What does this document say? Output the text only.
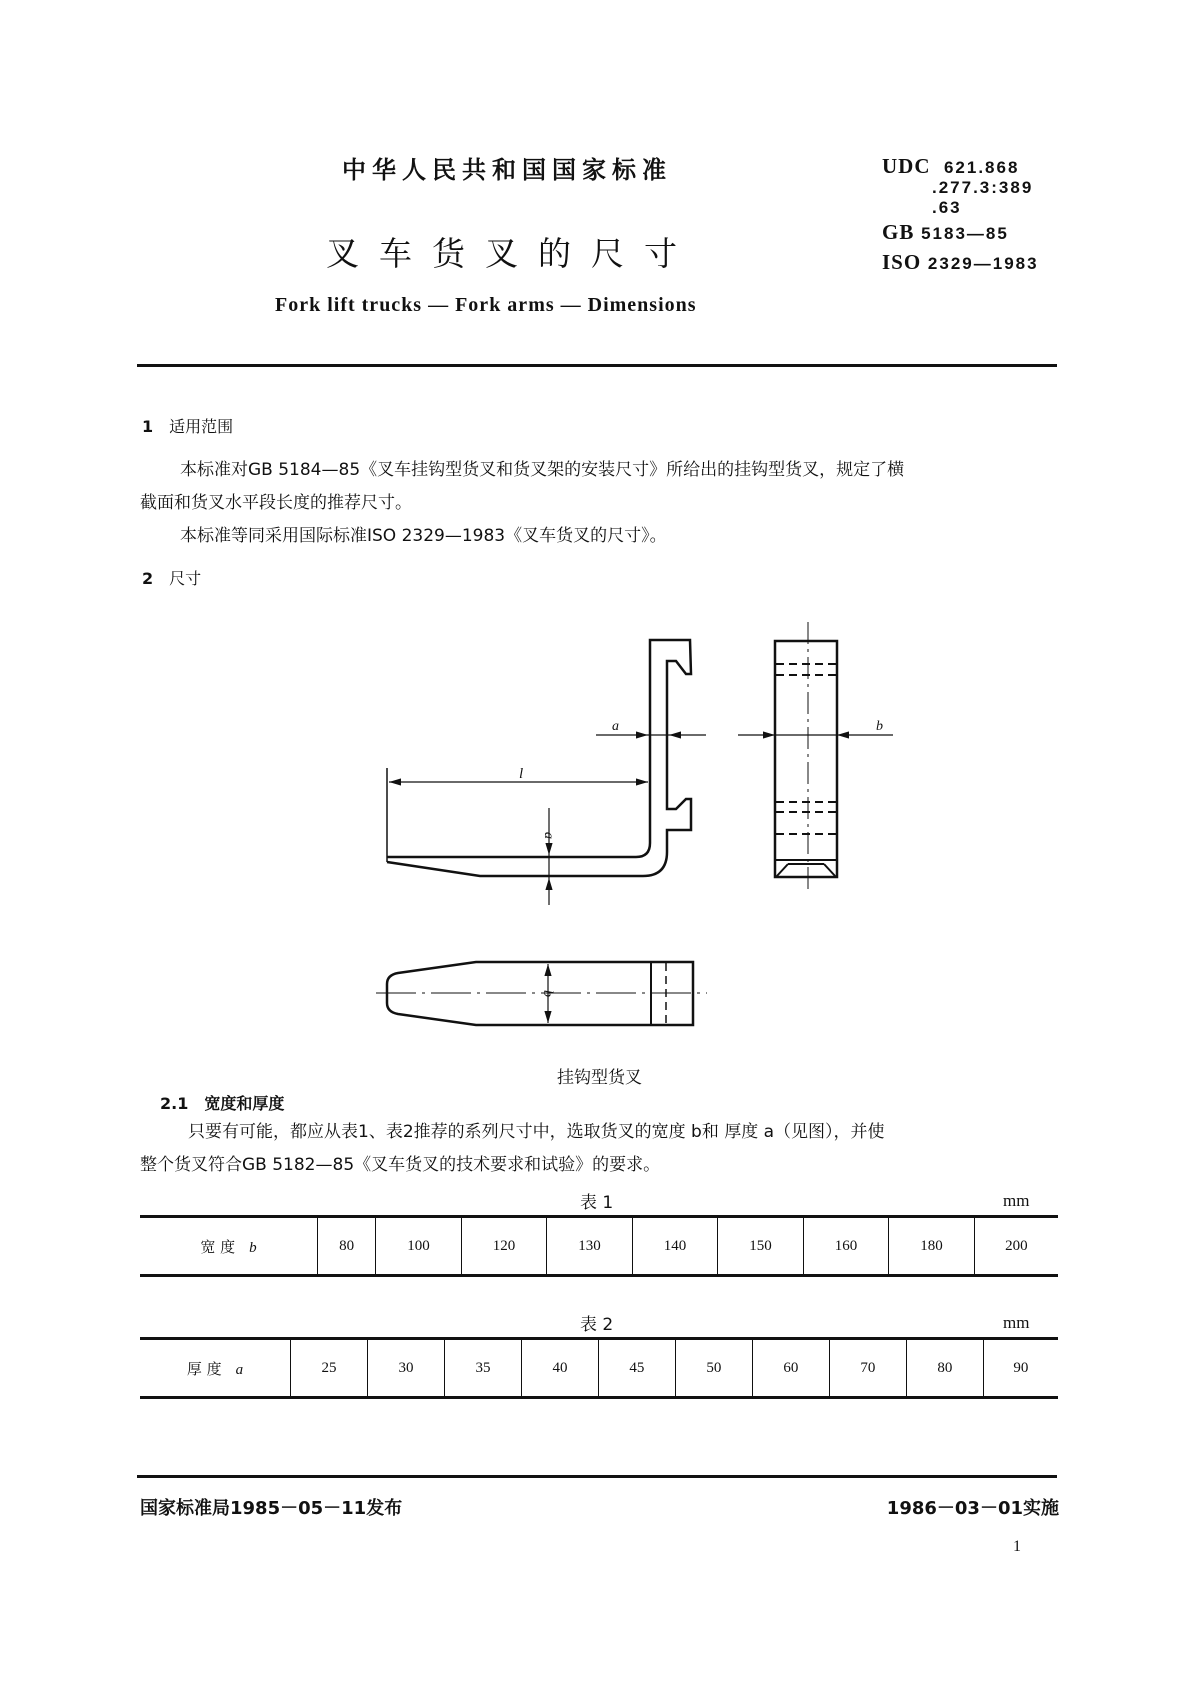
中华人民共和国国家标准
叉车货叉的尺寸
Fork lift trucks — Fork arms — Dimensions
UDC 621.868
.277.3:389
.63
GB 5183—85
ISO 2329—1983
1 适用范围
本标准对GB 5184—85《叉车挂钩型货叉和货叉架的安装尺寸》所给出的挂钩型货叉，规定了横
截面和货叉水平段长度的推荐尺寸。
本标准等同采用国际标准ISO 2329—1983《叉车货叉的尺寸》。
2 尺寸
a
l
b
a
b
挂钩型货叉
2.1 宽度和厚度
只要有可能，都应从表1、表2推荐的系列尺寸中，选取货叉的宽度 b和 厚度 a（见图），并使
整个货叉符合GB 5182—85《叉车货叉的技术要求和试验》的要求。
表 1	mm
宽 度 b	80	100	120	130	140	150	160	180	200
表 2	mm
厚 度 a	25	30	35	40	45	50	60	70	80	90
国家标准局1985－05－11发布	1986－03－01实施
1
